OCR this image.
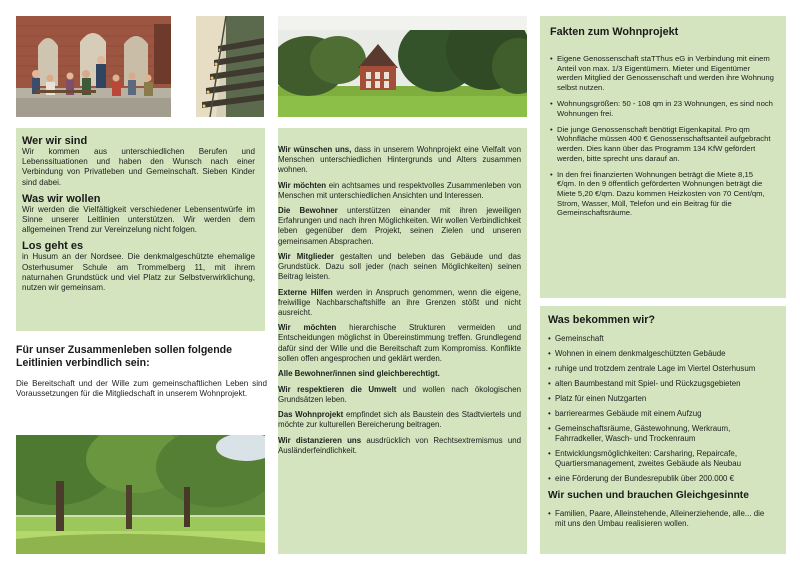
Wer wir sind

Wir kommen aus unterschiedlichen Berufen und Lebenssituationen und haben den Wunsch nach einer Verbindung von Privatleben und Gemeinschaft. Sieben Kinder sind dabei.

Was wir wollen

Wir werden die Vielfältigkeit verschiedener Lebensentwürfe im Sinne unserer Leitlinien unterstützen. Wir werden dem allgemeinen Trend zur Vereinzelung nicht folgen.

Los geht es

in Husum an der Nordsee. Die denkmalgeschützte ehemalige Osterhusumer Schule am Trommelberg 11, mit ihrem naturnahen Grundstück und viel Platz zur Selbstverwirklichung, nutzen wir gemeinsam.

Für unser Zusammenleben sollen folgende Leitlinien verbindlich sein:

Die Bereitschaft und der Wille zum gemeinschaftlichen Leben sind Voraussetzungen für die Mitgliedschaft in unserem Wohnprojekt.

Wir wünschen uns, dass in unserem Wohnprojekt eine Vielfalt von Menschen unterschiedlichen Hintergrunds und Alters zusammen wohnen.

Wir möchten ein achtsames und respektvolles Zusammenleben von Menschen mit unterschiedlichen Ansichten und Interessen.

Die Bewohner unterstützen einander mit ihren jeweiligen Erfahrungen und nach ihren Möglichkeiten. Wir wollen Verbindlichkeit leben gegenüber dem Projekt, seinen Zielen und unseren gemeinsamen Absprachen.

Wir Mitglieder gestalten und beleben das Gebäude und das Grundstück. Dazu soll jeder (nach seinen Möglichkeiten) seinen Beitrag leisten.

Externe Hilfen werden in Anspruch genommen, wenn die eigene, freiwillige Nachbarschaftshilfe an ihre Grenzen stößt und nicht ausreicht.

Wir möchten hierarchische Strukturen vermeiden und Entscheidungen möglichst in Übereinstimmung treffen. Grundlegend dafür sind der Wille und die Bereitschaft zum Kompromiss. Konflikte sollen offen angesprochen und geklärt werden.

Alle Bewohner/innen sind gleichberechtigt.

Wir respektieren die Umwelt und wollen nach ökologischen Grundsätzen leben.

Das Wohnprojekt empfindet sich als Baustein des Stadtviertels und möchte zur kulturellen Bereicherung beitragen.

Wir distanzieren uns ausdrücklich von Rechtsextremismus und Ausländerfeindlichkeit.

Fakten zum Wohnprojekt
• Eigene Genossenschaft staTThus eG in Verbindung mit einem Anteil von max. 1/3 Eigentümern. Mieter und Eigentümer werden Mitglied der Genossenschaft und werden ihre Wohnung selbst nutzen.
• Wohnungsgrößen: 50 - 108 qm in 23 Wohnungen, es sind noch Wohnungen frei.
• Die junge Genossenschaft benötigt Eigenkapital. Pro qm Wohnfläche müssen 400 € Genossenschaftsanteil aufgebracht werden. Dies kann über das Programm 134 KfW gefördert werden, bitte sprecht uns darauf an.
• In den frei finanzierten Wohnungen beträgt die Miete 8,15 €/qm. In den 9 öffentlich geförderten Wohnungen beträgt die Miete 5,20 €/qm. Dazu kommen Heizkosten von 70 Cent/qm, Strom, Wasser, Müll, Telefon und ein Beitrag für die Gemeinschaftsräume.
Was bekommen wir?
• Gemeinschaft
• Wohnen in einem denkmalgeschützten Gebäude
• ruhige und trotzdem zentrale Lage im Viertel Osterhusum
• alten Baumbestand mit Spiel- und Rückzugsgebieten
• Platz für einen Nutzgarten
• barrierearmes Gebäude mit einem Aufzug
• Gemeinschaftsräume, Gästewohnung, Werkraum, Fahrradkeller, Wasch- und Trockenraum
• Entwicklungsmöglichkeiten: Carsharing, Repaircafe, Quartiersmanagement, zweites Gebäude als Neubau
• eine Förderung der Bundesrepublik über 200.000 €
Wir suchen und brauchen Gleichgesinnte
• Familien, Paare, Alleinstehende, Alleinerziehende, alle... die mit uns den Umbau realisieren wollen.
